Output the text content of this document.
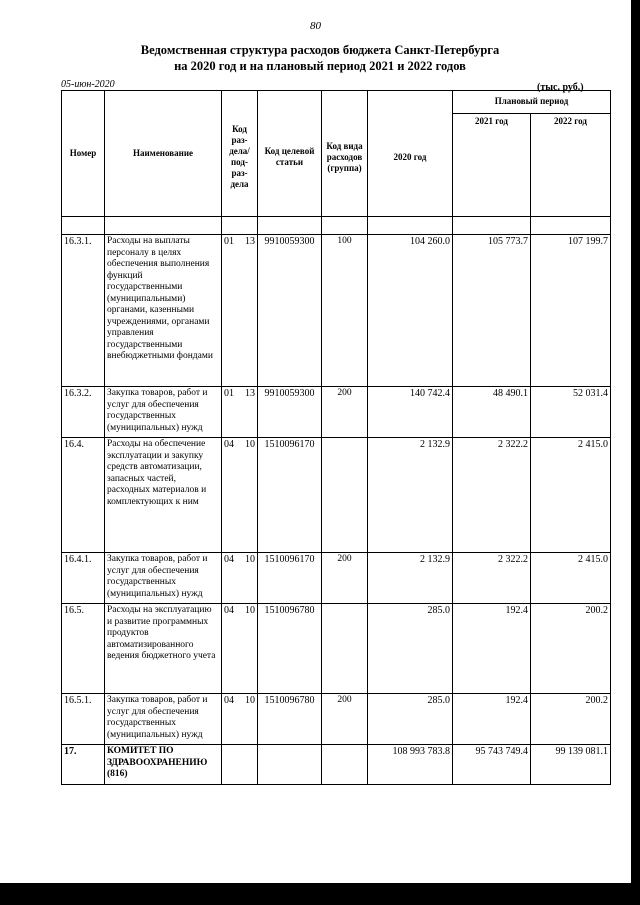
80
Ведомственная структура расходов бюджета Санкт-Петербурга
на 2020 год и на плановый период 2021 и 2022 годов
05-июн-2020	(тыс. руб.)
Номер	Наименование	Код раз- дела/ под- раз- дела	Код целевой статьи	Код вида расходов (группа)	2020 год	Плановый период	
						2021 год	2022 год

16.3.1.	Расходы на выплаты персоналу в целях обеспечения выполнения функций государственными (муниципальными) органами, казенными учреждениями, органами управления государственными внебюджетными фондами	01 13	9910059300	100	104 260.0	105 773.7	107 199.7
16.3.2.	Закупка товаров, работ и услуг для обеспечения государственных (муниципальных) нужд	01 13	9910059300	200	140 742.4	48 490.1	52 031.4
16.4.	Расходы на обеспечение эксплуатации и закупку средств автоматизации, запасных частей, расходных материалов и комплектующих к ним	04 10	1510096170		2 132.9	2 322.2	2 415.0
16.4.1.	Закупка товаров, работ и услуг для обеспечения государственных (муниципальных) нужд	04 10	1510096170	200	2 132.9	2 322.2	2 415.0
16.5.	Расходы на эксплуатацию и развитие программных продуктов автоматизированного ведения бюджетного учета	04 10	1510096780		285.0	192.4	200.2
16.5.1.	Закупка товаров, работ и услуг для обеспечения государственных (муниципальных) нужд	04 10	1510096780	200	285.0	192.4	200.2
17.	КОМИТЕТ ПО ЗДРАВООХРАНЕНИЮ (816)				108 993 783.8	95 743 749.4	99 139 081.1
